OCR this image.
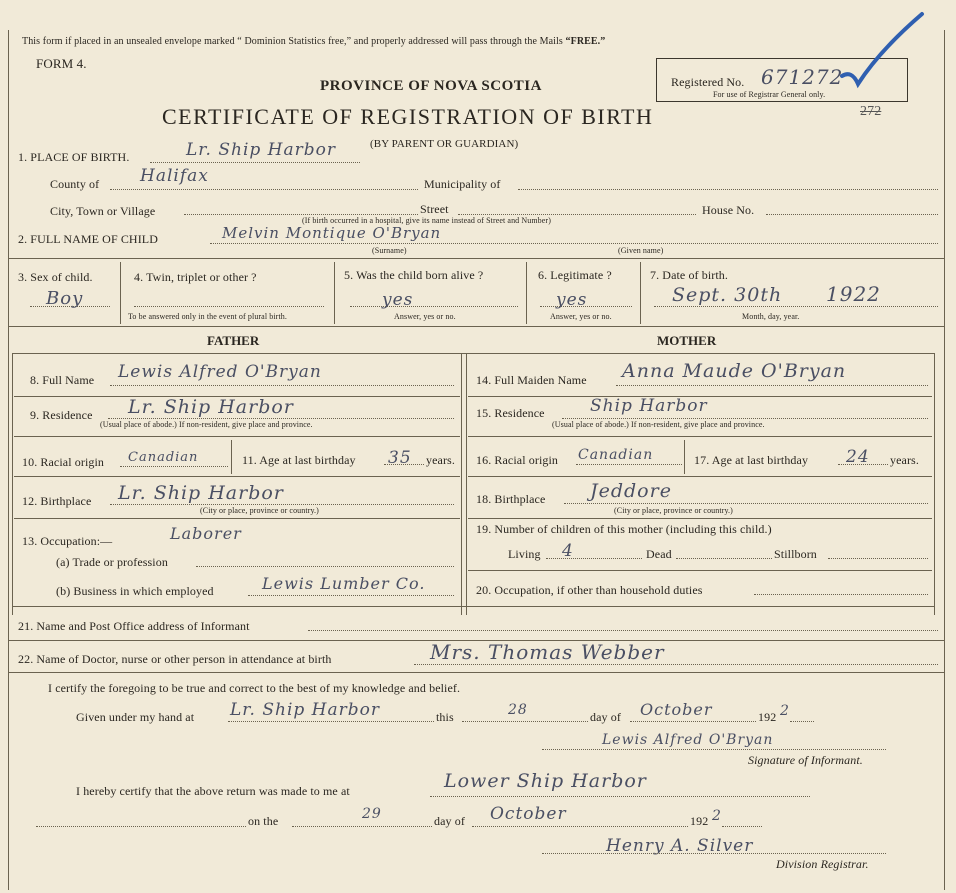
This form if placed in an unsealed envelope marked “ Dominion Statistics free,” and properly addressed will pass through the Mails “FREE.”
FORM 4.
PROVINCE OF NOVA SCOTIA
CERTIFICATE OF REGISTRATION OF BIRTH
(BY PARENT OR GUARDIAN)
Registered No. 671272
For use of Registrar General only.
272
1. PLACE OF BIRTH.	Lr. Ship Harbor
County of Halifax	Municipality of
City, Town or Village	Street	House No.
(If birth occurred in a hospital, give its name instead of Street and Number)
2. FULL NAME OF CHILD	Melvin Montique O'Bryan
(Surname)	(Given name)
3. Sex of child.
Boy
4. Twin, triplet or other ?
To be answered only in the event of plural birth.
5. Was the child born alive ?
yes
Answer, yes or no.
6. Legitimate ?
yes
Answer, yes or no.
7. Date of birth.
Sept. 30th 1922
Month, day, year.
FATHER	MOTHER
8. Full Name Lewis Alfred O'Bryan
9. Residence Lr. Ship Harbor
(Usual place of abode.) If non-resident, give place and province.
10. Racial origin Canadian	11. Age at last birthday 35 years.
12. Birthplace Lr. Ship Harbor
(City or place, province or country.)
13. Occupation:—	Laborer
(a) Trade or profession
(b) Business in which employed	Lewis Lumber Co.
14. Full Maiden Name Anna Maude O'Bryan
15. Residence	Ship Harbor
(Usual place of abode.) If non-resident, give place and province.
16. Racial origin Canadian	17. Age at last birthday 24 years.
18. Birthplace Jeddore
(City or place, province or country.)
19. Number of children of this mother (including this child.)
Living 4	Dead	Stillborn
20. Occupation, if other than household duties
21. Name and Post Office address of Informant
22. Name of Doctor, nurse or other person in attendance at birth	Mrs. Thomas Webber
I certify the foregoing to be true and correct to the best of my knowledge and belief.
Given under my hand at Lr. Ship Harbor	this	28	day of October	192 2
Lewis Alfred O'Bryan
Signature of Informant.
I hereby certify that the above return was made to me at	Lower Ship Harbor
on the	29	day of October	192 2
Henry A. Silver
Division Registrar.
